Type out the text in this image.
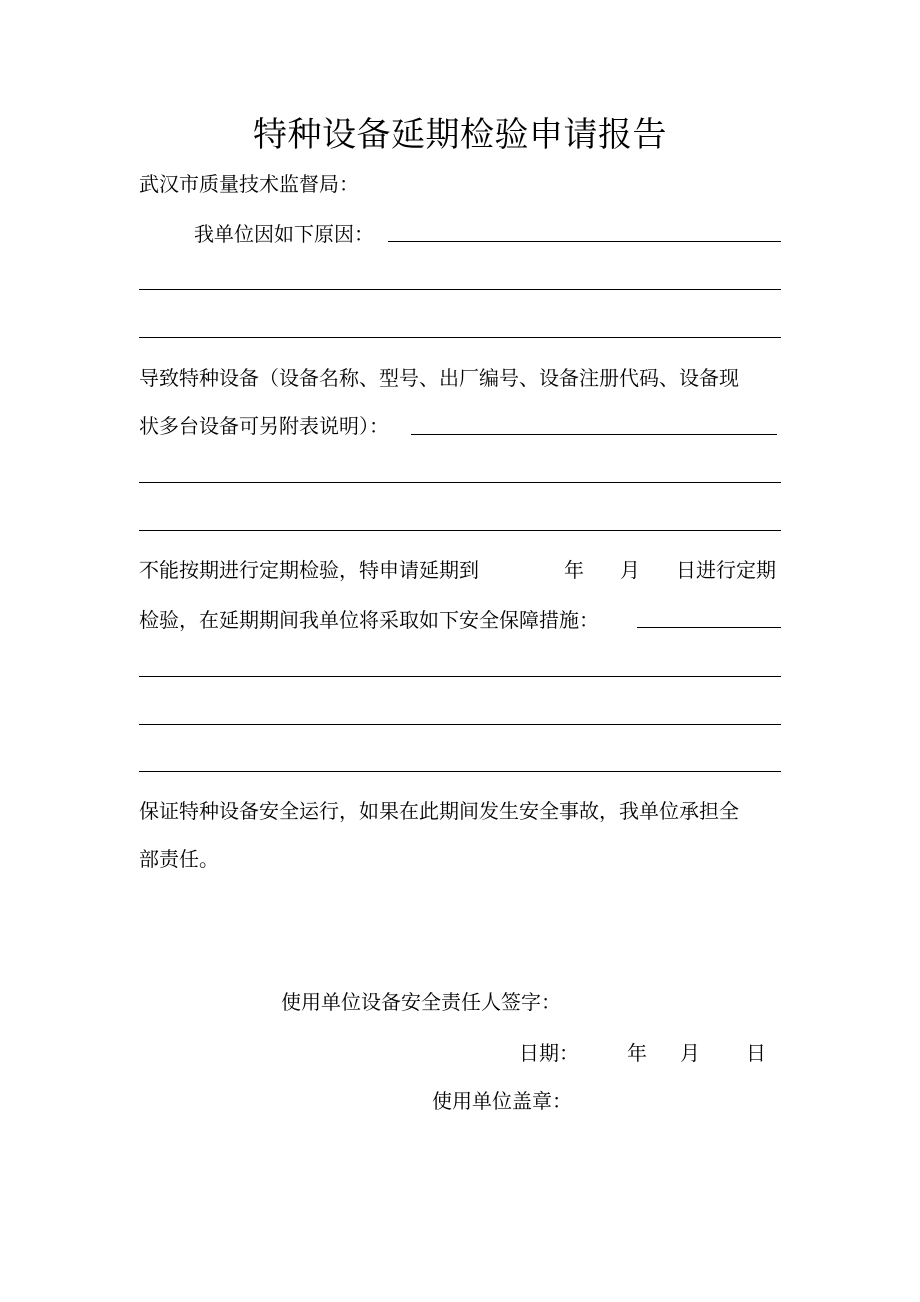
特种设备延期检验申请报告
武汉市质量技术监督局：
我单位因如下原因：
导致特种设备（设备名称、型号、出厂编号、设备注册代码、设备现
状多台设备可另附表说明）：
不能按期进行定期检验，特申请延期到	年 月 日进行定期
检验，在延期期间我单位将采取如下安全保障措施：
保证特种设备安全运行，如果在此期间发生安全事故，我单位承担全
部责任。
使用单位设备安全责任人签字：
日期： 年 月 日
使用单位盖章：
